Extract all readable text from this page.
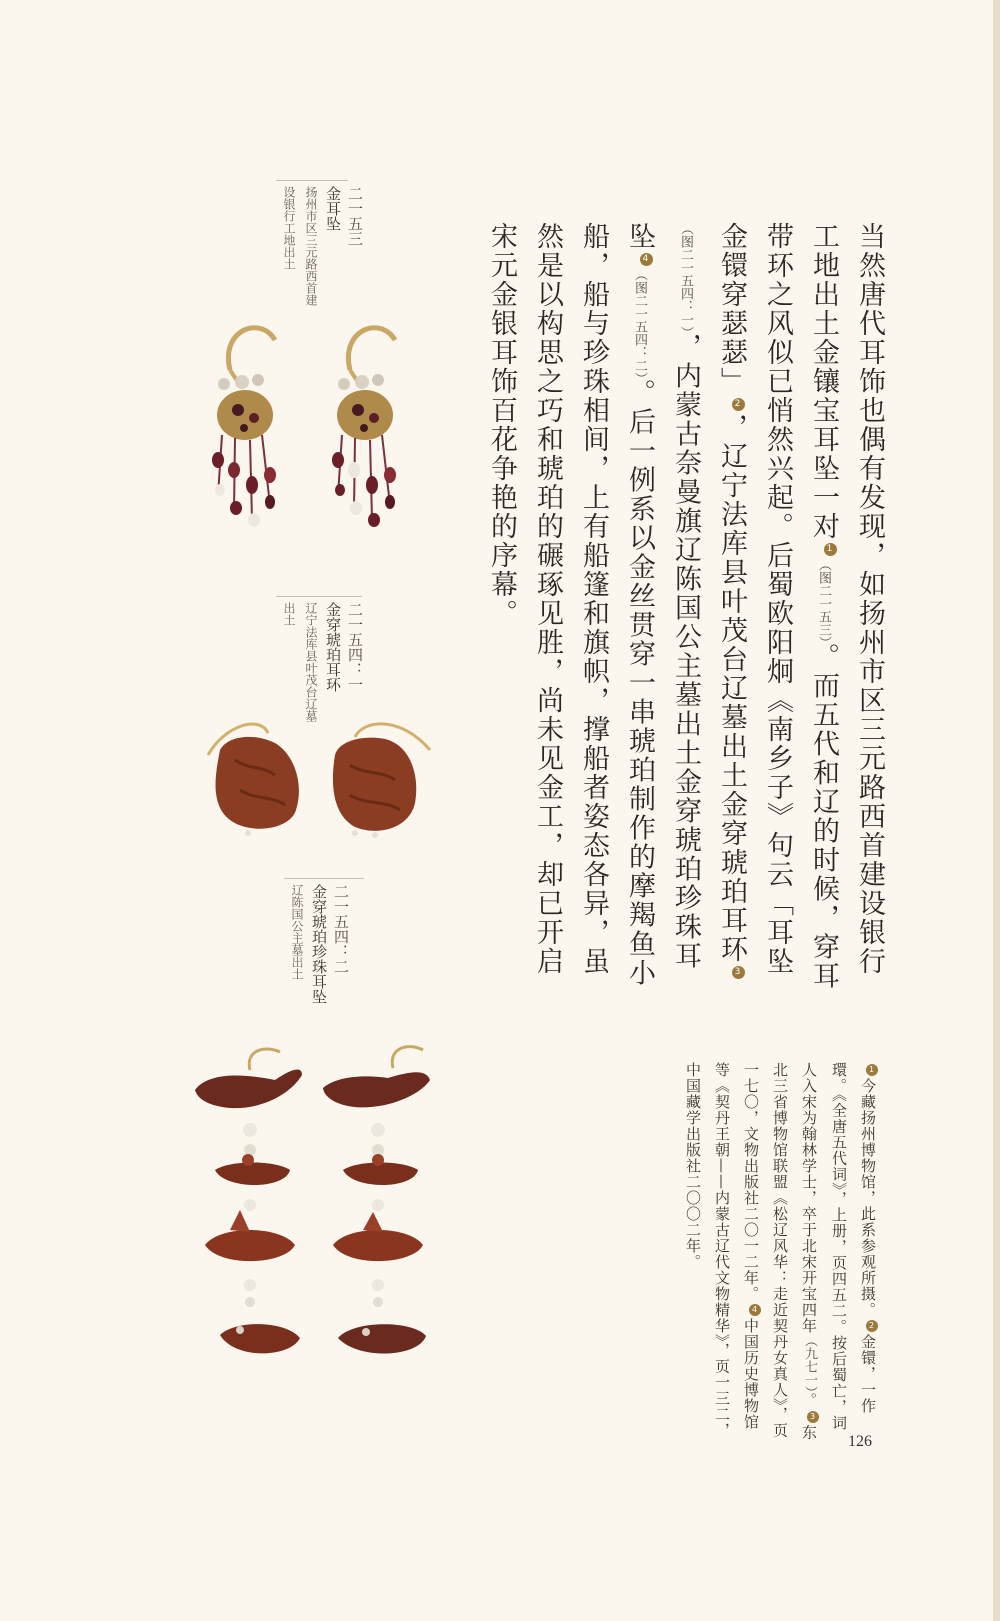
当然唐代耳饰也偶有发现，如扬州市区三元路西首建设银行工地出土金镶宝耳坠一对1（图二一五三）。而五代和辽的时候，穿耳带环之风似已悄然兴起。后蜀欧阳炯《南乡子》句云「耳坠金镮穿瑟瑟」2，辽宁法库县叶茂台辽墓出土金穿琥珀耳环3（图二一五四：一），内蒙古奈曼旗辽陈国公主墓出土金穿琥珀珍珠耳坠4（图二一五四：二）。后一例系以金丝贯穿一串琥珀制作的摩羯鱼小船，船与珍珠相间，上有船篷和旗帜，撑船者姿态各异，虽然是以构思之巧和琥珀的碾琢见胜，尚未见金工，却已开启宋元金银耳饰百花争艳的序幕。
1今藏扬州博物馆，此系参观所摄。2金镮，一作環。《全唐五代词》，上册，页四五二。按后蜀亡，词人入宋为翰林学士，卒于北宋开宝四年（九七一）。3东北三省博物馆联盟《松辽风华：走近契丹女真人》，页一七〇，文物出版社二〇一二年。4中国历史博物馆等《契丹王朝——内蒙古辽代文物精华》，页一三二，中国藏学出版社二〇〇二年。
二一五三
金耳坠
扬州市区三元路西首建设银行工地出土
二一五四：一
金穿琥珀耳环
辽宁法库县叶茂台辽墓出土
二一五四：二
金穿琥珀珍珠耳坠
辽陈国公主墓出土
126
